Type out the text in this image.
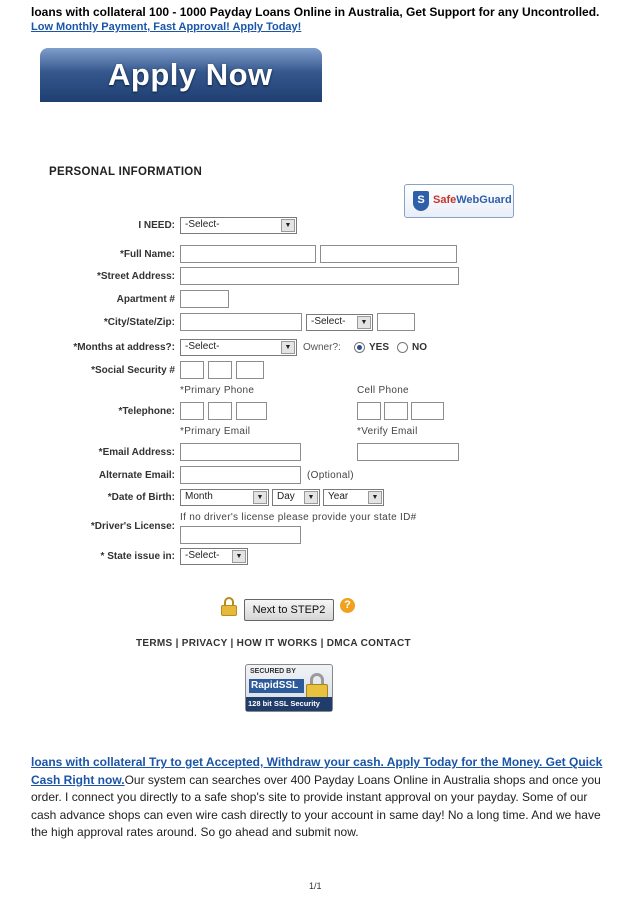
loans with collateral 100 - 1000 Payday Loans Online in Australia, Get Support for any Uncontrolled.
Low Monthly Payment, Fast Approval! Apply Today!
Apply Now
PERSONAL INFORMATION
S SafeWebGuard
I NEED:	-Select-	▼
*Full Name:
*Street Address:
Apartment #
*City/State/Zip:	-Select-	▼
*Months at address?:	-Select-	▼	Owner?:	YES NO
*Social Security #
*Primary Phone	Cell Phone
*Telephone:
*Primary Email	*Verify Email
*Email Address:
Alternate Email:	(Optional)
*Date of Birth:	Month	▼	Day	▼	Year	▼
If no driver's license please provide your state ID#
*Driver's License:
* State issue in:	-Select-	▼
Next to STEP2	?
TERMS | PRIVACY | HOW IT WORKS | DMCA CONTACT
SECURED BY
RapidSSL
128 bit SSL Security
loans with collateral Try to get Accepted, Withdraw your cash. Apply Today for the Money. Get Quick Cash Right now.Our system can searches over 400 Payday Loans Online in Australia shops and once you order. I connect you directly to a safe shop's site to provide instant approval on your payday. Some of our cash advance shops can even wire cash directly to your account in same day! No a long time. And we have the high approval rates around. So go ahead and submit now.
1/1
